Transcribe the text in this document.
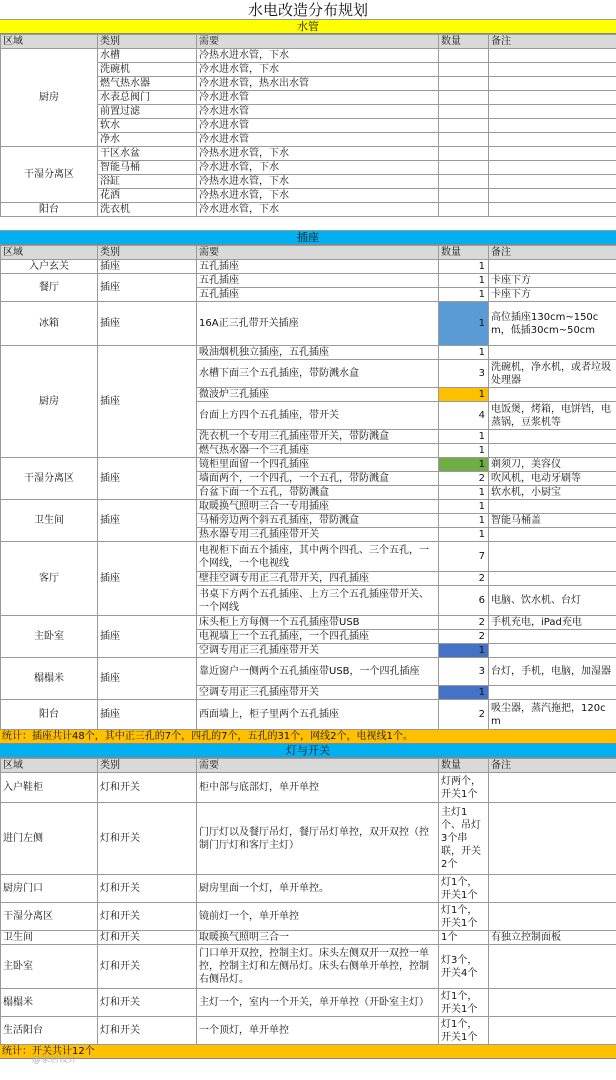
水电改造分布规划
水管
区域	类别	需要	数量	备注
厨房	水槽	冷热水进水管，下水		
	洗碗机	冷水进水管，下水		
	燃气热水器	冷水进水管，热水出水管		
	水表总阀门	冷水进水管		
	前置过滤	冷水进水管		
	软水	冷水进水管		
	净水	冷水进水管		
干湿分离区	干区水盆	冷热水进水管，下水		
	智能马桶	冷水进水管，下水		
	浴缸	冷热水进水管，下水		
	花洒	冷热水进水管，下水		
阳台	洗衣机	冷水进水管，下水		
插座
区域	类别	需要	数量	备注
入户玄关	插座	五孔插座	1	
餐厅	插座	五孔插座	1	卡座下方
		五孔插座	1	卡座下方
冰箱	插座	16A正三孔带开关插座	1	高位插座130cm~150cm，低插30cm~50cm
厨房	插座	吸油烟机独立插座，五孔插座	1	
		水槽下面三个五孔插座，带防溅水盒	3	洗碗机，净水机，或者垃圾处理器
		微波炉三孔插座	1	
		台面上方四个五孔插座，带开关	4	电饭煲，烤箱，电饼铛，电蒸锅，豆浆机等
		洗衣机一个专用三孔插座带开关，带防溅盒	1	
		燃气热水器一个三孔插座	1	
干湿分离区	插座	镜柜里面留一个四孔插座	1	剃须刀，美容仪
		墙面两个，一个四孔，一个五孔，带防溅盒	2	吹风机，电动牙刷等
		台盆下面一个五孔，带防溅盒	1	软水机，小厨宝
卫生间	插座	取暖换气照明三合一专用插座	1	
		马桶旁边两个斜五孔插座，带防溅盒	1	智能马桶盖
		热水器专用三孔插座带开关	1	
客厅	插座	电视柜下面五个插座，其中两个四孔、三个五孔，一个网线，一个电视线	7	
		壁挂空调专用正三孔带开关，四孔插座	2	
		书桌下方两个五孔插座、上方三个五孔插座带开关、一个网线	6	电脑、饮水机、台灯
主卧室	插座	床头柜上方每侧一个五孔插座带USB	2	手机充电，iPad充电
		电视墙上一个五孔插座，一个四孔插座	2	
		空调专用正三孔插座带开关	1	
榻榻米	插座	靠近窗户一侧两个五孔插座带USB，一个四孔插座	3	台灯，手机，电脑，加湿器
		空调专用正三孔插座带开关	1	
阳台	插座	西面墙上，柜子里两个五孔插座	2	吸尘器，蒸汽拖把，120cm
统计：插座共计48个，其中正三孔的7个，四孔的7个，五孔的31个，网线2个，电视线1个。
灯与开关
区域	类别	需要	数量	备注
入户鞋柜	灯和开关	柜中部与底部灯，单开单控	灯两个，开关1个	
进门左侧	灯和开关	门厅灯以及餐厅吊灯，餐厅吊灯单控，双开双控（控制门厅灯和客厅主灯）	主灯1个、吊灯3个串联，开关2个	
厨房门口	灯和开关	厨房里面一个灯，单开单控。	灯1个，开关1个	
干湿分离区	灯和开关	镜前灯一个，单开单控	灯1个，开关1个	
卫生间	灯和开关	取暖换气照明三合一	1个	有独立控制面板
主卧室	灯和开关	门口单开双控，控制主灯。床头左侧双开一双控一单控，控制主灯和左侧吊灯。床头右侧单开单控，控制右侧吊灯。	灯3个，开关4个	
榻榻米	灯和开关	主灯一个，室内一个开关，单开单控（开卧室主灯）	灯1个，开关1个	
生活阳台	灯和开关	一个顶灯，单开单控	灯1个，开关1个	
统计：开关共计12个
@家居设计
